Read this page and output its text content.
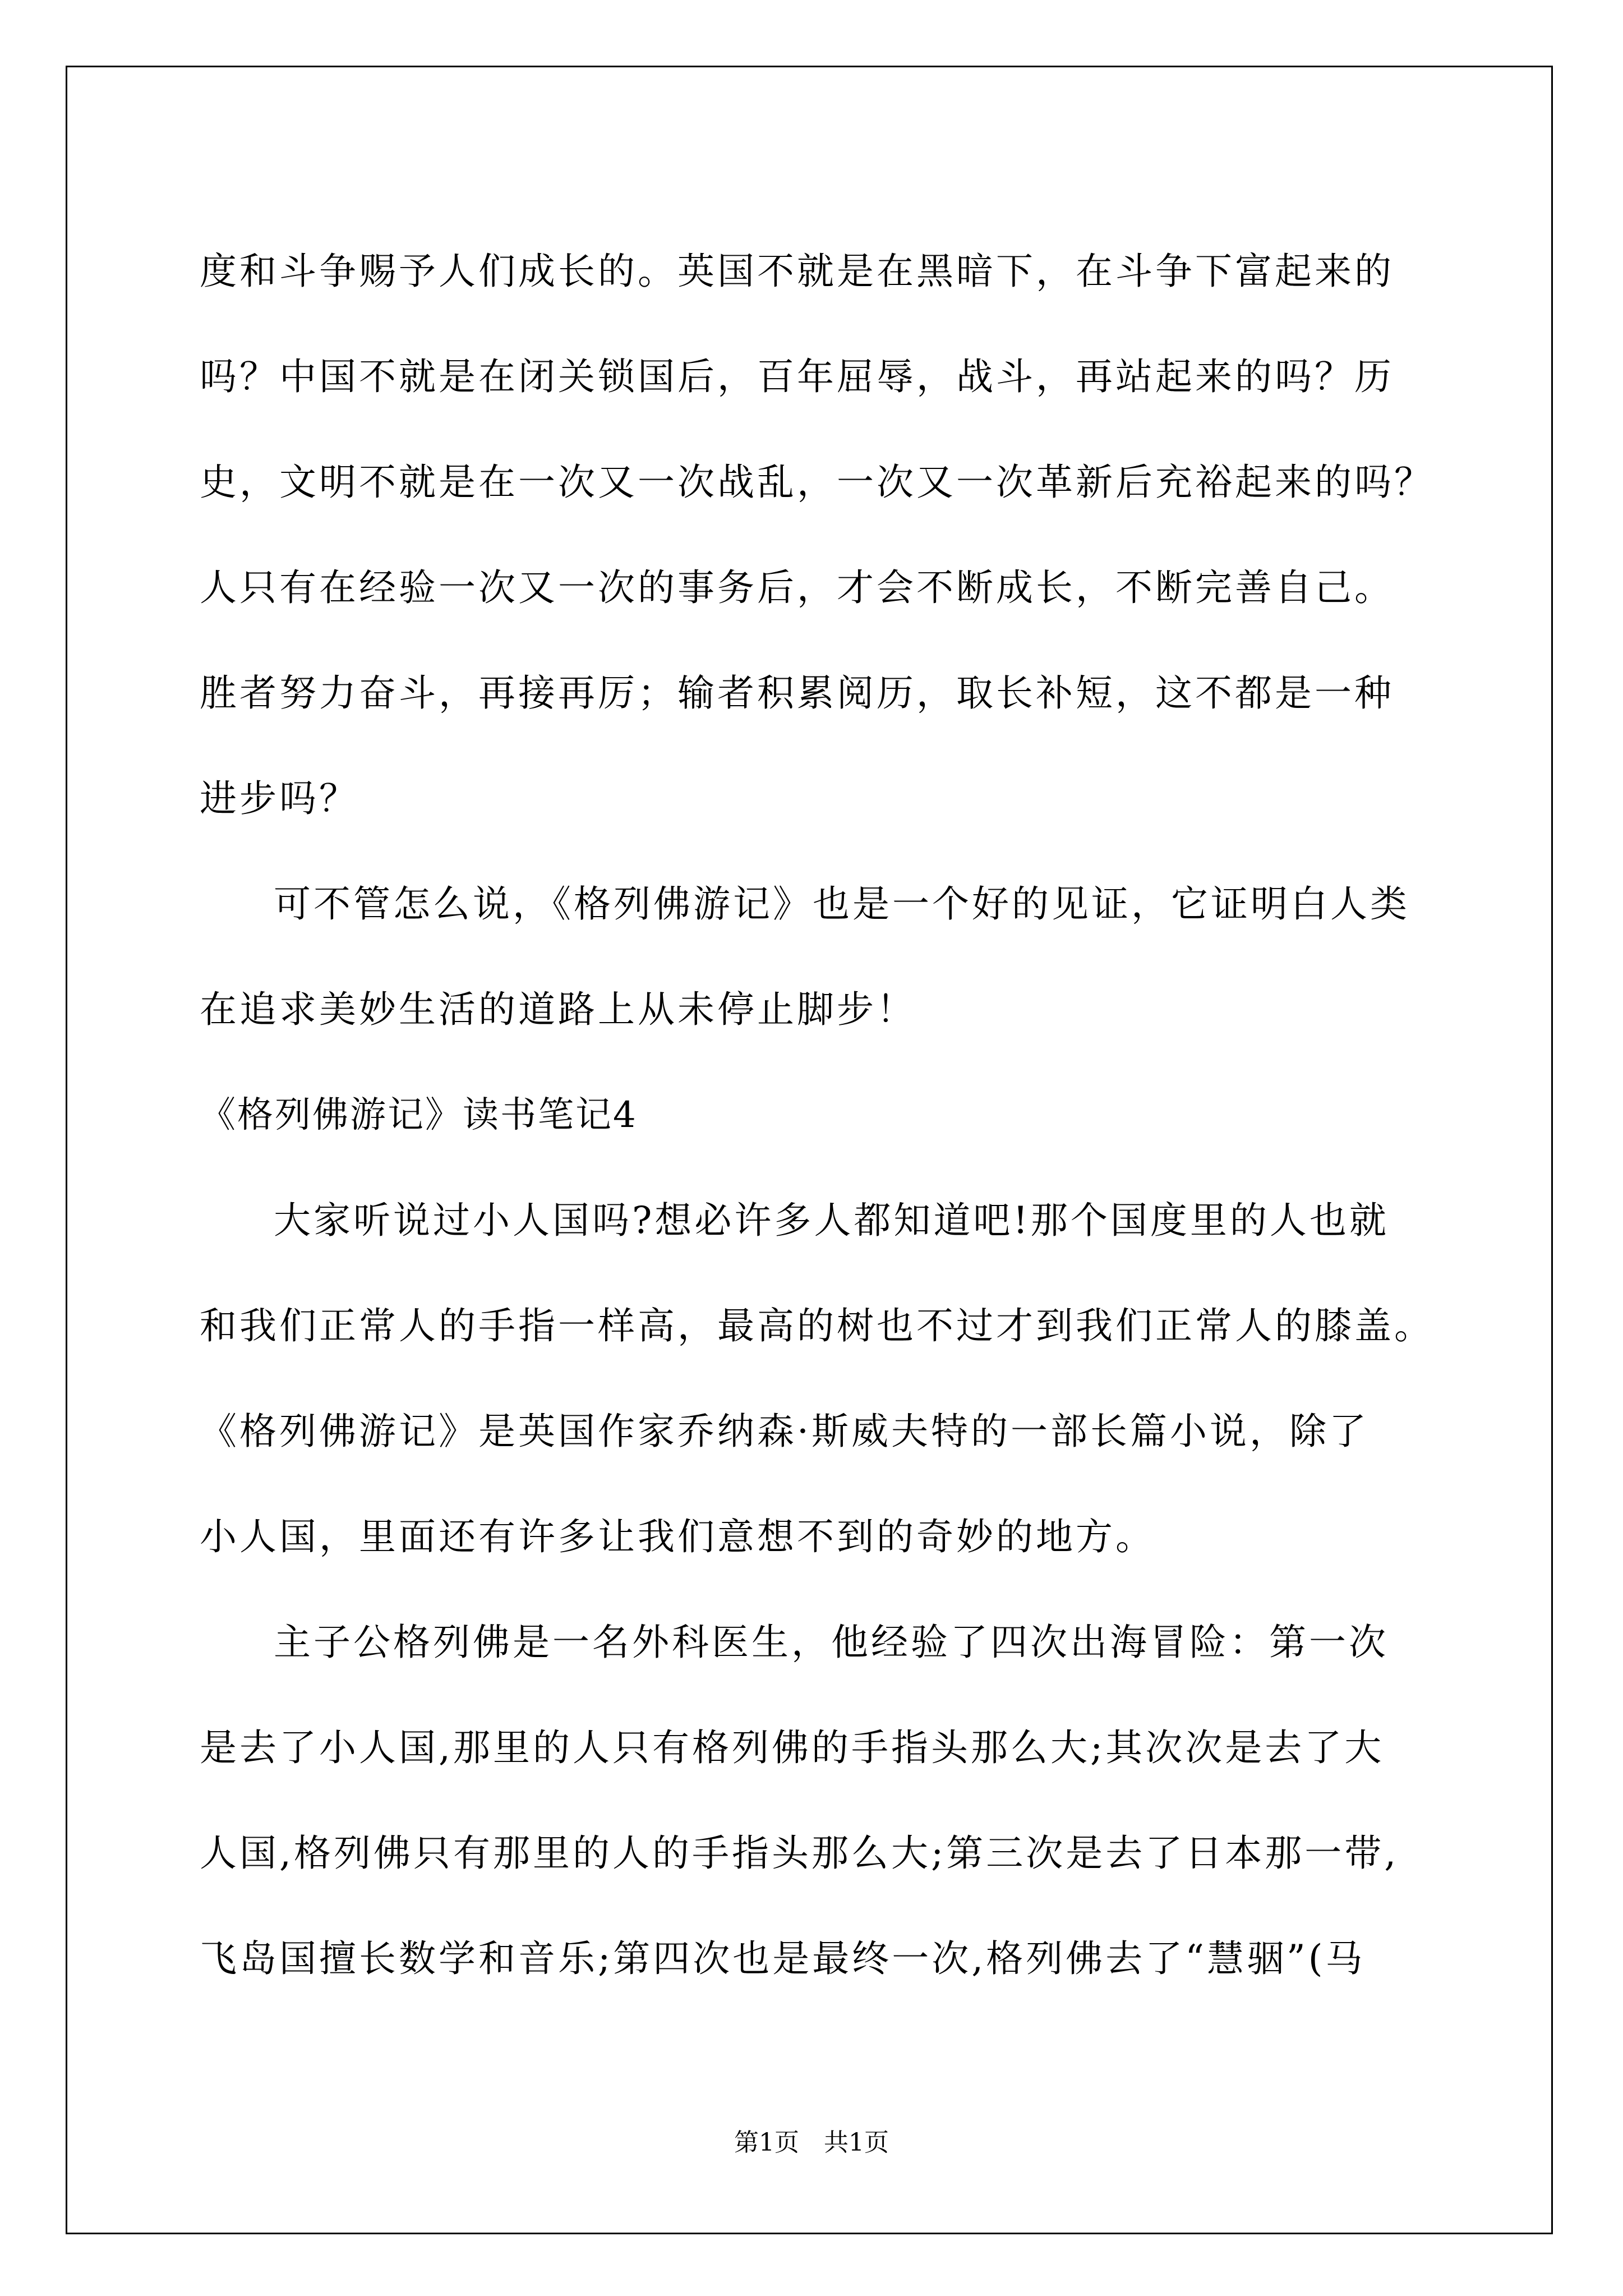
度和斗争赐予人们成长的。英国不就是在黑暗下，在斗争下富起来的
吗？中国不就是在闭关锁国后，百年屈辱，战斗，再站起来的吗？历
史，文明不就是在一次又一次战乱，一次又一次革新后充裕起来的吗？
人只有在经验一次又一次的事务后，才会不断成长，不断完善自己。
胜者努力奋斗，再接再厉；输者积累阅历，取长补短，这不都是一种
进步吗？
可不管怎么说，《格列佛游记》也是一个好的见证，它证明白人类
在追求美妙生活的道路上从未停止脚步！
《格列佛游记》读书笔记4
大家听说过小人国吗?想必许多人都知道吧!那个国度里的人也就
和我们正常人的手指一样高，最高的树也不过才到我们正常人的膝盖。
《格列佛游记》是英国作家乔纳森·斯威夫特的一部长篇小说，除了
小人国，里面还有许多让我们意想不到的奇妙的地方。
主子公格列佛是一名外科医生，他经验了四次出海冒险：第一次
是去了小人国,那里的人只有格列佛的手指头那么大;其次次是去了大
人国,格列佛只有那里的人的手指头那么大;第三次是去了日本那一带,
飞岛国擅长数学和音乐;第四次也是最终一次,格列佛去了“慧骃”(马
第1页　共1页
